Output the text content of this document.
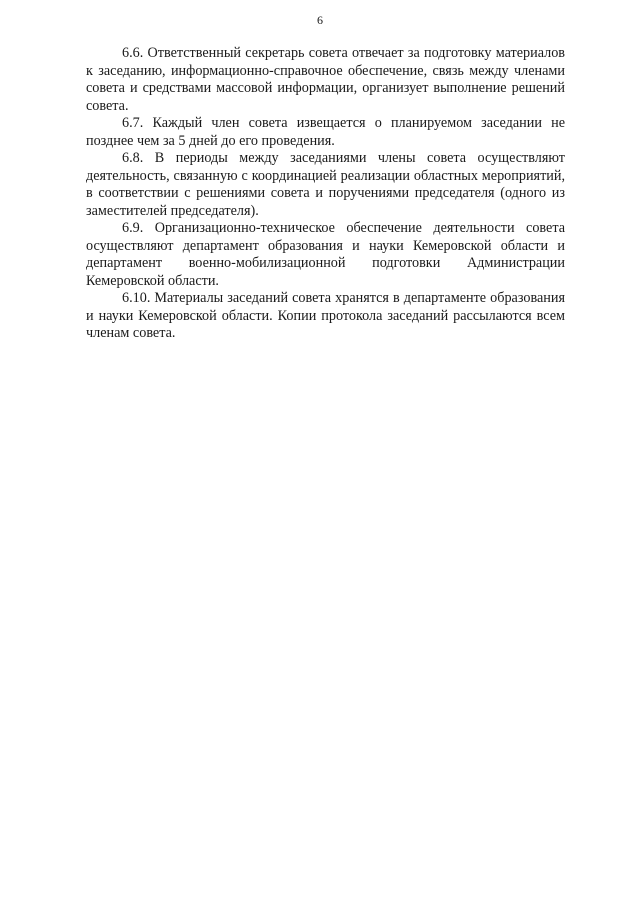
6

6.6. Ответственный секретарь совета отвечает за подготовку материалов к заседанию, информационно-справочное обеспечение, связь между членами совета и средствами массовой информации, организует выполнение решений совета.

6.7. Каждый член совета извещается о планируемом заседании не позднее чем за 5 дней до его проведения.

6.8. В периоды между заседаниями члены совета осуществляют деятельность, связанную с координацией реализации областных мероприятий, в соответствии с решениями совета и поручениями председателя (одного из заместителей председателя).

6.9. Организационно-техническое обеспечение деятельности совета осуществляют департамент образования и науки Кемеровской области и департамент военно-мобилизационной подготовки Администрации Кемеровской области.

6.10. Материалы заседаний совета хранятся в департаменте образования и науки Кемеровской области. Копии протокола заседаний рассылаются всем членам совета.
